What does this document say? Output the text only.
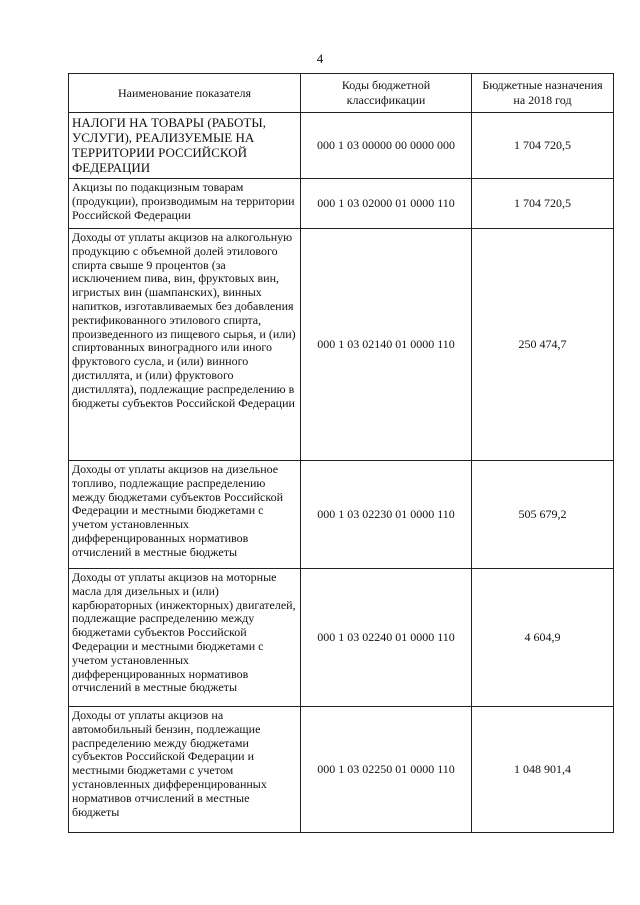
4
Наименование показателя	Коды бюджетной классификации	Бюджетные назначения на 2018 год
НАЛОГИ НА ТОВАРЫ (РАБОТЫ, УСЛУГИ), РЕАЛИЗУЕМЫЕ НА ТЕРРИТОРИИ РОССИЙСКОЙ ФЕДЕРАЦИИ	000 1 03 00000 00 0000 000	1 704 720,5
Акцизы по подакцизным товарам (продукции), производимым на территории Российской Федерации	000 1 03 02000 01 0000 110	1 704 720,5
Доходы от уплаты акцизов на алкогольную продукцию с объемной долей этилового спирта свыше 9 процентов (за исключением пива, вин, фруктовых вин, игристых вин (шампанских), винных напитков, изготавливаемых без добавления ректификованного этилового спирта, произведенного из пищевого сырья, и (или) спиртованных виноградного или иного фруктового сусла, и (или) винного дистиллята, и (или) фруктового дистиллята), подлежащие распределению в бюджеты субъектов Российской Федерации	000 1 03 02140 01 0000 110	250 474,7
Доходы от уплаты акцизов на дизельное топливо, подлежащие распределению между бюджетами субъектов Российской Федерации и местными бюджетами с учетом установленных дифференцированных нормативов отчислений в местные бюджеты	000 1 03 02230 01 0000 110	505 679,2
Доходы от уплаты акцизов на моторные масла для дизельных и (или) карбюраторных (инжекторных) двигателей, подлежащие распределению между бюджетами субъектов Российской Федерации и местными бюджетами с учетом установленных дифференцированных нормативов отчислений в местные бюджеты	000 1 03 02240 01 0000 110	4 604,9
Доходы от уплаты акцизов на автомобильный бензин, подлежащие распределению между бюджетами субъектов Российской Федерации и местными бюджетами с учетом установленных дифференцированных нормативов отчислений в местные бюджеты	000 1 03 02250 01 0000 110	1 048 901,4
